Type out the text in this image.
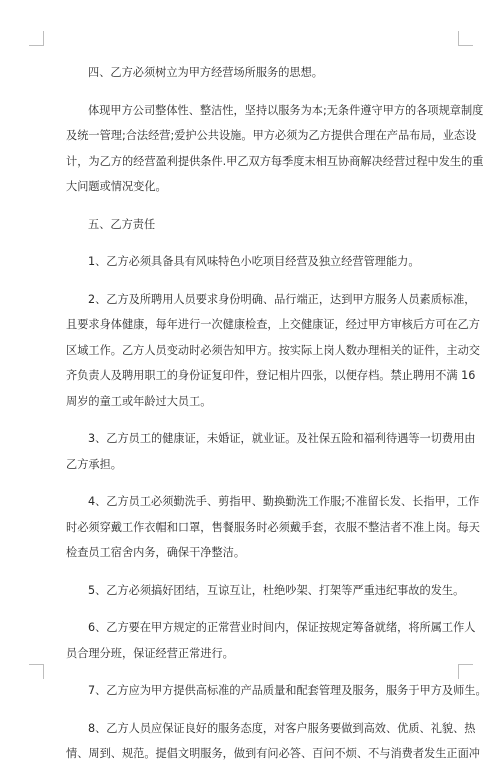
四、乙方必须树立为甲方经营场所服务的思想。
体现甲方公司整体性、整洁性，坚持以服务为本;无条件遵守甲方的各项规章制度
及统一管理;合法经营;爱护公共设施。甲方必须为乙方提供合理在产品布局，业态设
计，为乙方的经营盈利提供条件.甲乙双方每季度末相互协商解决经营过程中发生的重
大问题或情况变化。
五、乙方责任
1、乙方必须具备具有风味特色小吃项目经营及独立经营管理能力。
2、乙方及所聘用人员要求身份明确、品行端正，达到甲方服务人员素质标准，
且要求身体健康，每年进行一次健康检查，上交健康证，经过甲方审核后方可在乙方
区域工作。乙方人员变动时必须告知甲方。按实际上岗人数办理相关的证件，主动交
齐负责人及聘用职工的身份证复印件，登记相片四张，以便存档。禁止聘用不满 16
周岁的童工或年龄过大员工。
3、乙方员工的健康证，未婚证，就业证。及社保五险和福利待遇等一切费用由
乙方承担。
4、乙方员工必须勤洗手、剪指甲、勤换勤洗工作服;不准留长发、长指甲，工作
时必须穿戴工作衣帽和口罩，售餐服务时必须戴手套，衣服不整洁者不准上岗。每天
检查员工宿舍内务，确保干净整洁。
5、乙方必须搞好团结，互谅互让，杜绝吵架、打架等严重违纪事故的发生。
6、乙方要在甲方规定的正常营业时间内，保证按规定筹备就绪，将所属工作人
员合理分班，保证经营正常进行。
7、乙方应为甲方提供高标准的产品质量和配套管理及服务，服务于甲方及师生。
8、乙方人员应保证良好的服务态度，对客户服务要做到高效、优质、礼貌、热
情、周到、规范。提倡文明服务，做到有问必答、百问不烦、不与消费者发生正面冲
